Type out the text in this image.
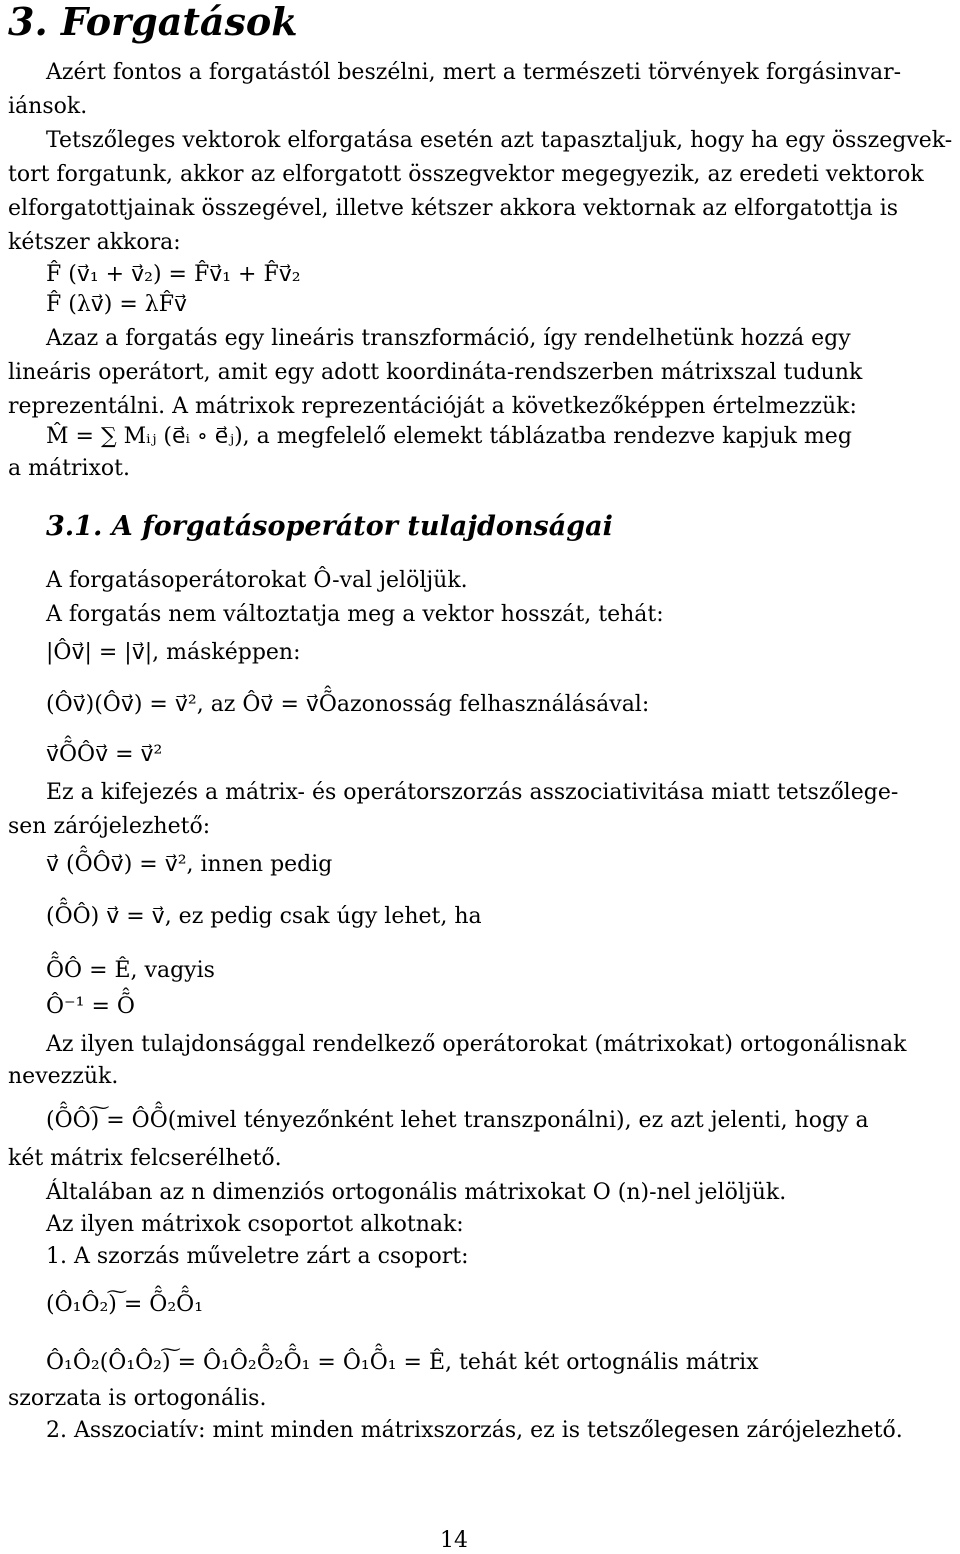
3. Forgatások
Azért fontos a forgatástól beszélni, mert a természeti törvények forgásinvar-
iánsok.
Tetszőleges vektorok elforgatása esetén azt tapasztaljuk, hogy ha egy összegvek-
tort forgatunk, akkor az elforgatott összegvektor megegyezik, az eredeti vektorok
elforgatottjainak összegével, illetve kétszer akkora vektornak az elforgatottja is
kétszer akkora:
F̂ (v⃗₁ + v⃗₂) = F̂v⃗₁ + F̂v⃗₂
F̂ (λv⃗) = λF̂v⃗
Azaz a forgatás egy lineáris transzformáció, így rendelhetünk hozzá egy
lineáris operátort, amit egy adott koordináta-rendszerben mátrixszal tudunk
reprezentálni. A mátrixok reprezentációját a következőképpen értelmezzük:
M̂ = ∑ Mᵢⱼ (e⃗ᵢ ∘ e⃗ⱼ), a megfelelő elemekt táblázatba rendezve kapjuk meg
a mátrixot.
3.1. A forgatásoperátor tulajdonságai
A forgatásoperátorokat Ô-val jelöljük.
A forgatás nem változtatja meg a vektor hosszát, tehát:
|Ôv⃗| = |v⃗|, másképpen:
(Ôv⃗)(Ôv⃗) = v⃗², az Ôv⃗ = v⃗Õ̂azonosság felhasználásával:
v⃗Õ̂Ôv⃗ = v⃗²
Ez a kifejezés a mátrix- és operátorszorzás asszociativitása miatt tetszőlege-
sen zárójelezhető:
v⃗ (Õ̂Ôv⃗) = v⃗², innen pedig
(Õ̂Ô) v⃗ = v⃗, ez pedig csak úgy lehet, ha
Õ̂Ô = Ê, vagyis
Ô⁻¹ = Õ̂
Az ilyen tulajdonsággal rendelkező operátorokat (mátrixokat) ortogonálisnak
nevezzük.
(Õ̂Ô)͠ = ÔÕ̂(mivel tényezőnként lehet transzponálni), ez azt jelenti, hogy a
két mátrix felcserélhető.
Általában az n dimenziós ortogonális mátrixokat O (n)-nel jelöljük.
Az ilyen mátrixok csoportot alkotnak:
1. A szorzás műveletre zárt a csoport:
(Ô₁Ô₂)͠ = Õ̂₂Õ̂₁
Ô₁Ô₂(Ô₁Ô₂)͠ = Ô₁Ô₂Õ̂₂Õ̂₁ = Ô₁Õ̂₁ = Ê, tehát két ortognális mátrix
szorzata is ortogonális.
2. Asszociatív: mint minden mátrixszorzás, ez is tetszőlegesen zárójelezhető.
14
